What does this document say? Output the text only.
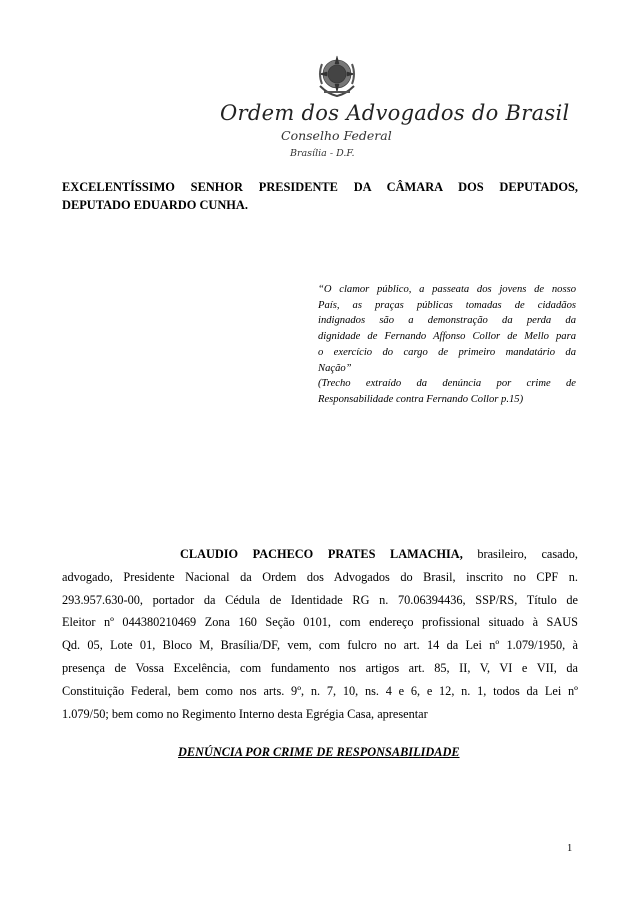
Ordem dos Advogados do Brasil
Conselho Federal
Brasília - D.F.
EXCELENTÍSSIMO SENHOR PRESIDENTE DA CÂMARA DOS DEPUTADOS,
DEPUTADO EDUARDO CUNHA.
“O clamor público, a passeata dos jovens de nosso
País, as praças públicas tomadas de cidadãos
indignados são a demonstração da perda da
dignidade de Fernando Affonso Collor de Mello para
o exercício do cargo de primeiro mandatário da
Nação”
(Trecho extraído da denúncia por crime de
Responsabilidade contra Fernando Collor p.15)
CLAUDIO PACHECO PRATES LAMACHIA, brasileiro, casado,
advogado, Presidente Nacional da Ordem dos Advogados do Brasil, inscrito no CPF n.
293.957.630-00, portador da Cédula de Identidade RG n. 70.06394436, SSP/RS, Título de
Eleitor nº 044380210469 Zona 160 Seção 0101, com endereço profissional situado à SAUS
Qd. 05, Lote 01, Bloco M, Brasília/DF, vem, com fulcro no art. 14 da Lei nº 1.079/1950, à
presença de Vossa Excelência, com fundamento nos artigos art. 85, II, V, VI e VII, da
Constituição Federal, bem como nos arts. 9º, n. 7, 10, ns. 4 e 6, e 12, n. 1, todos da Lei nº
1.079/50; bem como no Regimento Interno desta Egrégia Casa, apresentar
DENÚNCIA POR CRIME DE RESPONSABILIDADE
1
